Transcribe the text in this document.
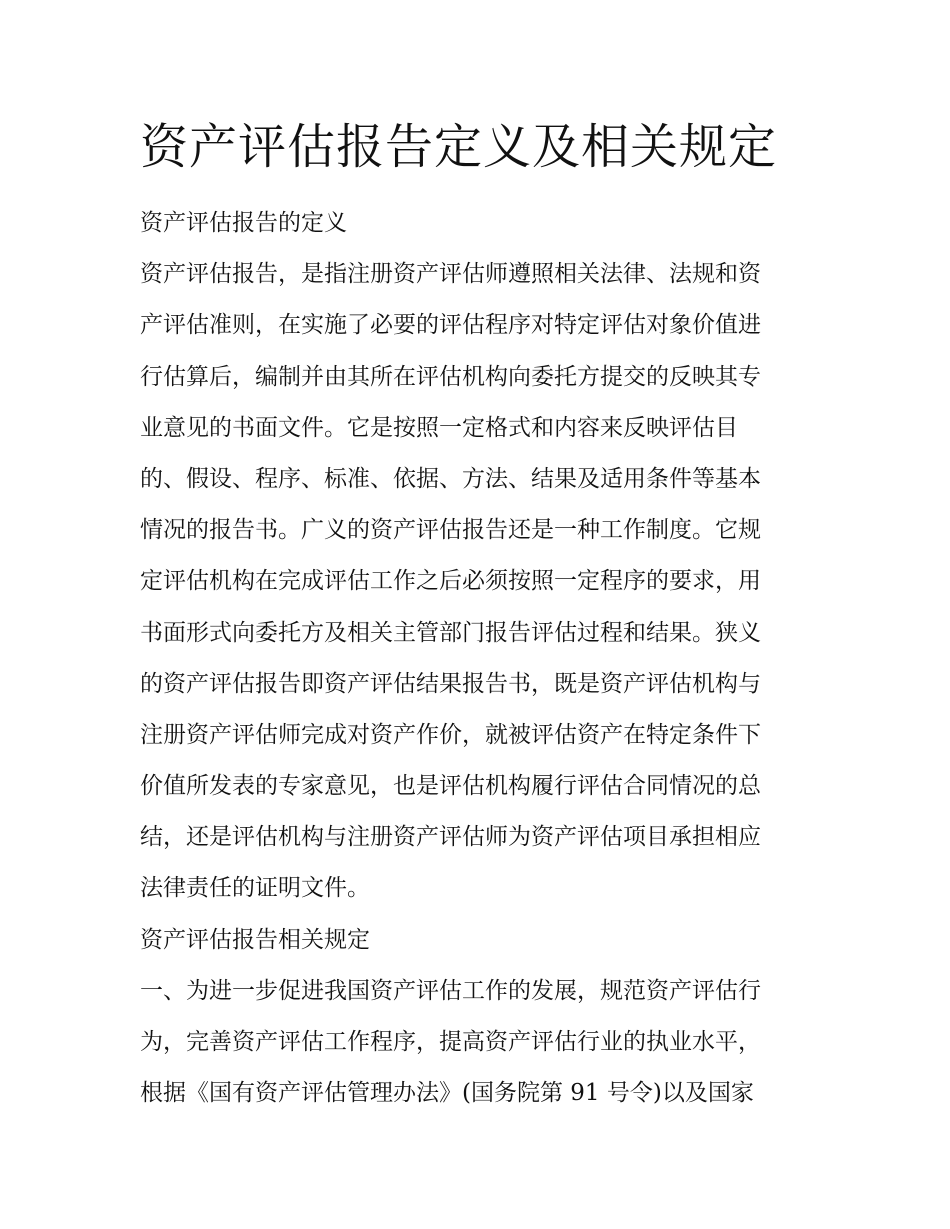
资产评估报告定义及相关规定
资产评估报告的定义
资产评估报告，是指注册资产评估师遵照相关法律、法规和资
产评估准则，在实施了必要的评估程序对特定评估对象价值进
行估算后，编制并由其所在评估机构向委托方提交的反映其专
业意见的书面文件。它是按照一定格式和内容来反映评估目
的、假设、程序、标准、依据、方法、结果及适用条件等基本
情况的报告书。广义的资产评估报告还是一种工作制度。它规
定评估机构在完成评估工作之后必须按照一定程序的要求，用
书面形式向委托方及相关主管部门报告评估过程和结果。狭义
的资产评估报告即资产评估结果报告书，既是资产评估机构与
注册资产评估师完成对资产作价，就被评估资产在特定条件下
价值所发表的专家意见，也是评估机构履行评估合同情况的总
结，还是评估机构与注册资产评估师为资产评估项目承担相应
法律责任的证明文件。
资产评估报告相关规定
一、为进一步促进我国资产评估工作的发展，规范资产评估行
为，完善资产评估工作程序，提高资产评估行业的执业水平，
根据《国有资产评估管理办法》(国务院第 91 号令)以及国家
